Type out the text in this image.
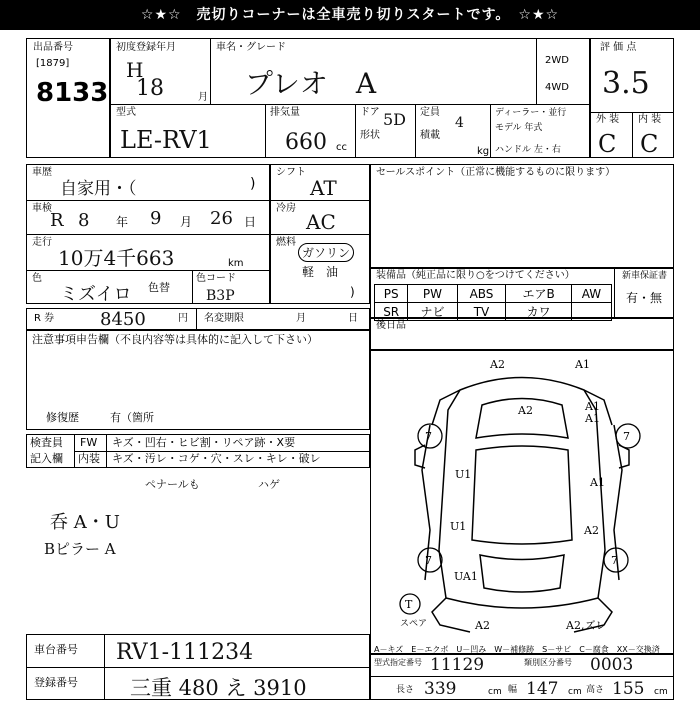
☆★☆　売切りコーナーは全車売り切りスタートです。　☆★☆
出品番号
[1879]
8133
初度登録年月	車名・グレード
H
18	月 プレオ　A
2WD
4WD
型式
LE-RV1
排気量
660 cc
ドア 5D
形状
定員
4
積載
kg
ディーラー・並行
モデル 年式
ハンドル 左・右
評 価 点
3.5
外 装 内 装
C C
車歴
自家用・（	)
車検
R 8 年 9 月 26 日
走行
10万4千663	km
色
ミズイロ 色替
色コード
B3P
シフト
AT
冷房
AC
燃料
ガソリン
軽　油
)
セールスポイント（正常に機能するものに限ります）
装備品（純正品に限り○をつけてください）	新車保証書
有・無
PS	PW	ABS	エアB	AW
SR	ナビ	TV	カワ	
R 券	8450	円 名変期限	月	日
後日品
注意事項申告欄（不良内容等は具体的に記入して下さい）
修復歴	有（箇所
検査員
記入欄
FW
内装
キズ・凹右・ヒビ割・リペア跡・X要
キズ・汚レ・コゲ・穴・スレ・キレ・破レ
ペナールも	ハゲ
呑 A・U
Bピラー A
A2	A1
A2	A1
A1
7	7
U1
A1
U1	A2
7	7
UA1
A2	A2,ズレ
T
スペア
A－キズ　E－エクボ　U－凹み　W－補修跡　S－サビ　C－腐食　XX－交換済
車台番号 RV1-111234
登録番号 三重 480 え 3910
型式指定番号 11129	類別区分番号 0003
長さ 339	cm 幅 147 cm 高さ 155 cm
